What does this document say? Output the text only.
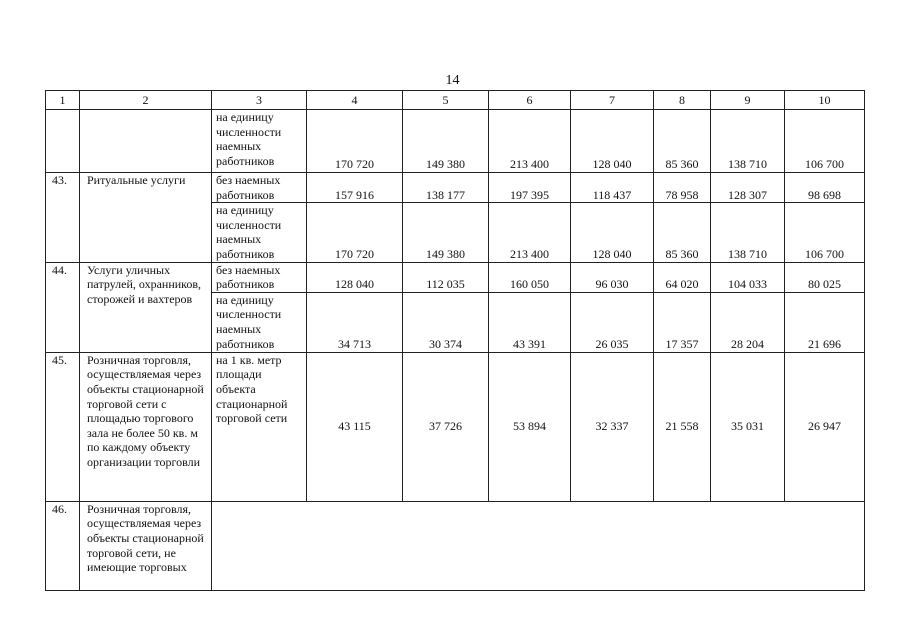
14
1	2	3	4	5	6	7	8	9	10
		на единицу численности наемных работников	170 720	149 380	213 400	128 040	85 360	138 710	106 700
43.	Ритуальные услуги	без наемных работников	157 916	138 177	197 395	118 437	78 958	128 307	98 698
		на единицу численности наемных работников	170 720	149 380	213 400	128 040	85 360	138 710	106 700
44.	Услуги уличных патрулей, охранников, сторожей и вахтеров	без наемных работников	128 040	112 035	160 050	96 030	64 020	104 033	80 025
		на единицу численности наемных работников	34 713	30 374	43 391	26 035	17 357	28 204	21 696
45.	Розничная торговля, осуществляемая через объекты стационарной торговой сети с площадью торгового зала не более 50 кв. м по каждому объекту организации торговли	на 1 кв. метр площади объекта стационарной торговой сети	43 115	37 726	53 894	32 337	21 558	35 031	26 947
46.	Розничная торговля, осуществляемая через объекты стационарной торговой сети, не имеющие торговых								
